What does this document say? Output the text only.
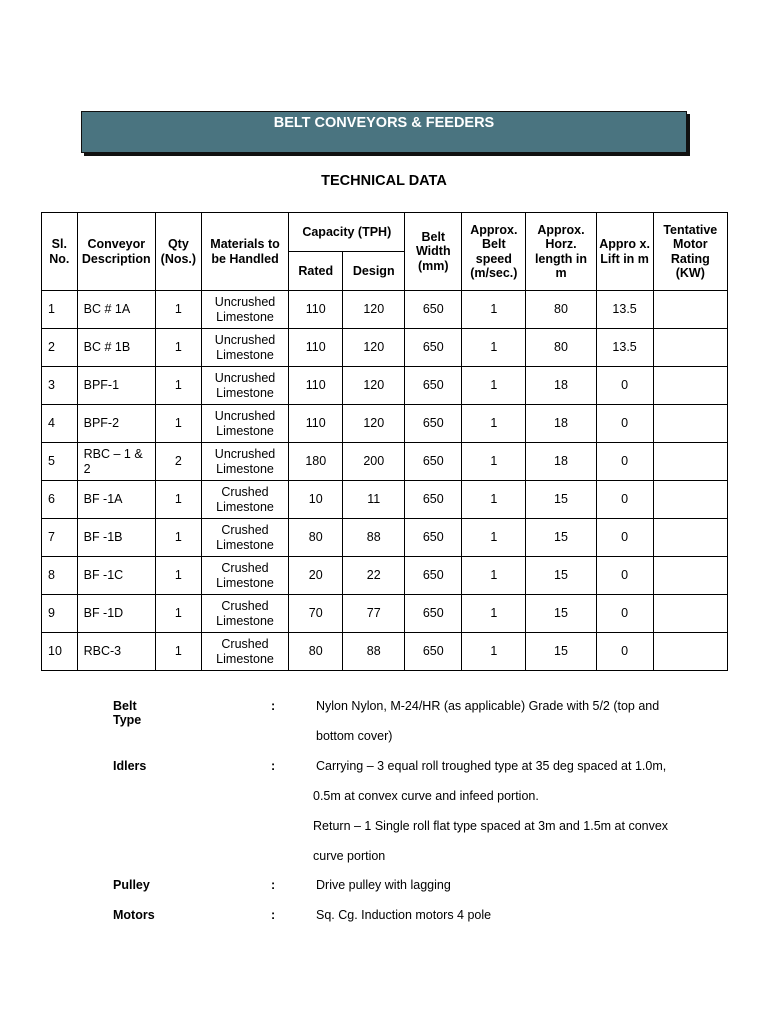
BELT CONVEYORS & FEEDERS
TECHNICAL DATA
Sl. No.	Conveyor Description	Qty (Nos.)	Materials to be Handled	Capacity (TPH)		Belt Width (mm)	Approx. Belt speed (m/sec.)	Approx. Horz. length in m	Appro x. Lift in m	Tentative Motor Rating (KW)
				Rated	Design					
1	BC # 1A	1	Uncrushed Limestone	110	120	650	1	80	13.5	
2	BC # 1B	1	Uncrushed Limestone	110	120	650	1	80	13.5	
3	BPF-1	1	Uncrushed Limestone	110	120	650	1	18	0	
4	BPF-2	1	Uncrushed Limestone	110	120	650	1	18	0	
5	RBC – 1 & 2	2	Uncrushed Limestone	180	200	650	1	18	0	
6	BF -1A	1	Crushed Limestone	10	11	650	1	15	0	
7	BF -1B	1	Crushed Limestone	80	88	650	1	15	0	
8	BF -1C	1	Crushed Limestone	20	22	650	1	15	0	
9	BF -1D	1	Crushed Limestone	70	77	650	1	15	0	
10	RBC-3	1	Crushed Limestone	80	88	650	1	15	0	
Belt Type
:	Nylon Nylon, M-24/HR (as applicable) Grade with 5/2 (top and
bottom cover)
Idlers	:	Carrying – 3 equal roll troughed type at 35 deg spaced at 1.0m,
0.5m at convex curve and infeed portion.
Return – 1 Single roll flat type spaced at 3m and 1.5m at convex
curve portion
Pulley	:	Drive pulley with lagging
Motors	:	Sq. Cg. Induction motors 4 pole
